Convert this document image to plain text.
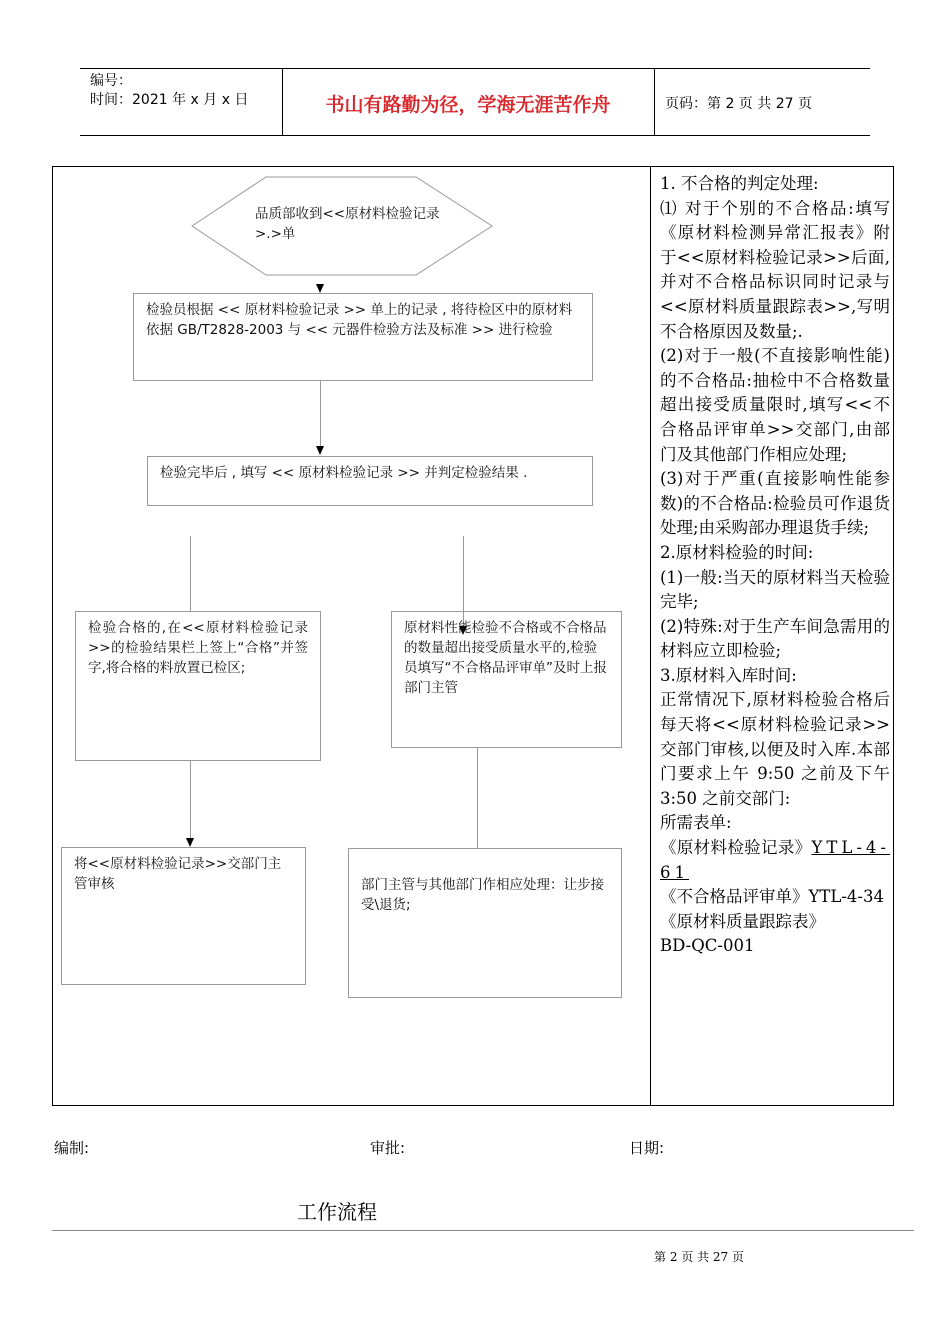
编号：
时间：2021 年 x 月 x 日	书山有路勤为径，学海无涯苦作舟	页码：第 2 页 共 27 页
品质部收到<<原材料检验记录>.>单
检验员根据 << 原材料检验记录 >> 单上的记录 , 将待检区中的原材料依据 GB/T2828-2003 与 << 元器件检验方法及标准 >> 进行检验
检验完毕后 , 填写 << 原材料检验记录 >> 并判定检验结果 .
检验合格的,在<<原材料检验记录>>的检验结果栏上签上“合格”并签字,将合格的料放置已检区;
原材料性能检验不合格或不合格品的数量超出接受质量水平的,检验员填写“不合格品评审单”及时上报部门主管
将<<原材料检验记录>>交部门主管审核	部门主管与其他部门作相应处理：让步接受\退货;
1. 不合格的判定处理:
⑴ 对于个别的不合格品:填写《原材料检测异常汇报表》附于<<原材料检验记录>>后面,并对不合格品标识同时记录与<<原材料质量跟踪表>>,写明不合格原因及数量;.
(2)对于一般(不直接影响性能)的不合格品:抽检中不合格数量超出接受质量限时,填写<<不合格品评审单>>交部门,由部门及其他部门作相应处理;
(3)对于严重(直接影响性能参数)的不合格品:检验员可作退货处理;由采购部办理退货手续;
2.原材料检验的时间:
(1)一般:当天的原材料当天检验完毕;
(2)特殊:对于生产车间急需用的材料应立即检验;
3.原材料入库时间:
正常情况下,原材料检验合格后每天将<<原材料检验记录>>交部门审核,以便及时入库.本部门要求上午 9:50 之前及下午 3:50 之前交部门:
所需表单:
《原材料检验记录》YTL-4-61
《不合格品评审单》YTL-4-34
《原材料质量跟踪表》
BD-QC-001
编制:	审批:	日期:
工作流程
第 2 页 共 27 页
